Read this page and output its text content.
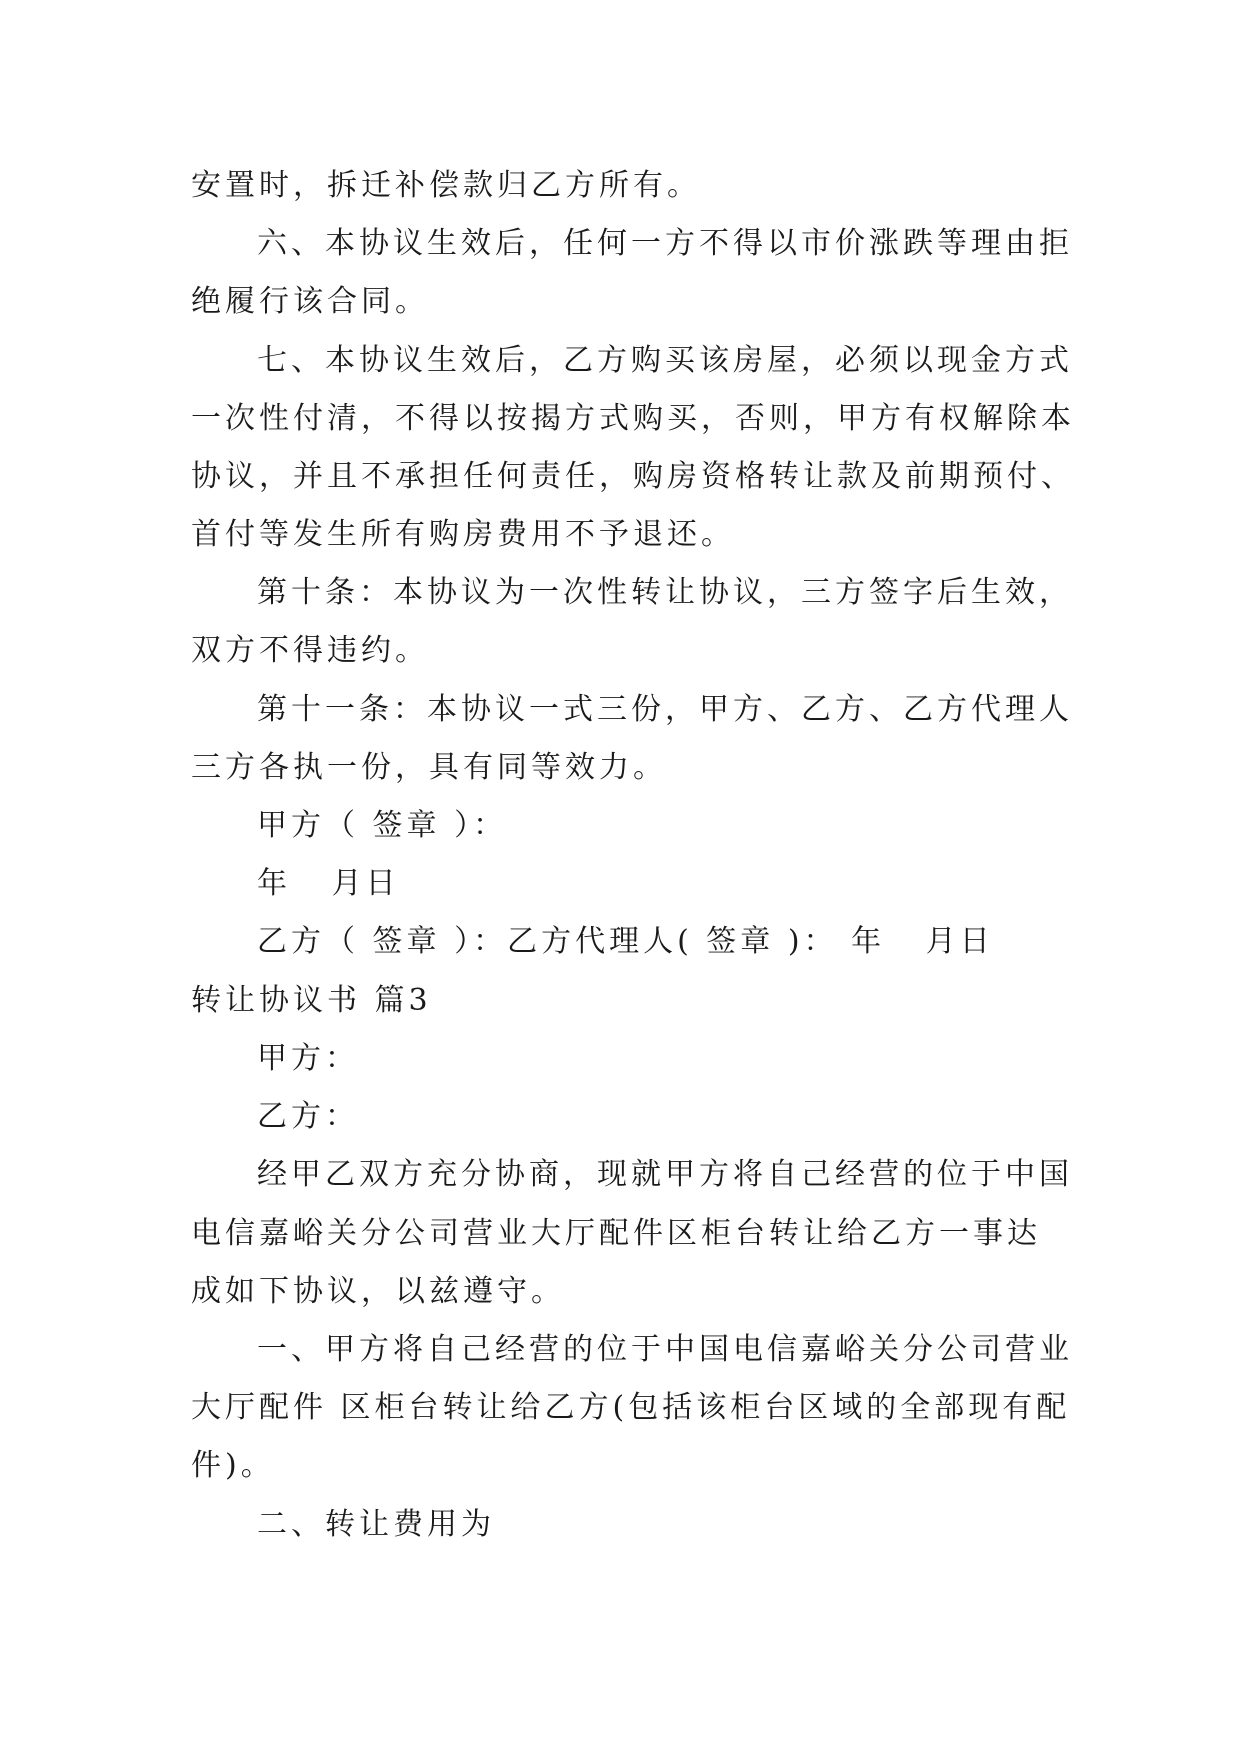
安置时，拆迁补偿款归乙方所有。
六、本协议生效后，任何一方不得以市价涨跌等理由拒
绝履行该合同。
七、本协议生效后，乙方购买该房屋，必须以现金方式
一次性付清，不得以按揭方式购买，否则，甲方有权解除本
协议，并且不承担任何责任，购房资格转让款及前期预付、
首付等发生所有购房费用不予退还。
第十条：本协议为一次性转让协议，三方签字后生效，
双方不得违约。
第十一条：本协议一式三份，甲方、乙方、乙方代理人
三方各执一份，具有同等效力。
甲方（ 签章 ）：
年   月日
乙方（ 签章 ）：乙方代理人( 签章 )： 年   月日
转让协议书 篇3
甲方：
乙方：
经甲乙双方充分协商，现就甲方将自己经营的位于中国
电信嘉峪关分公司营业大厅配件区柜台转让给乙方一事达
成如下协议，以兹遵守。
一、甲方将自己经营的位于中国电信嘉峪关分公司营业
大厅配件 区柜台转让给乙方(包括该柜台区域的全部现有配
件)。
二、转让费用为
